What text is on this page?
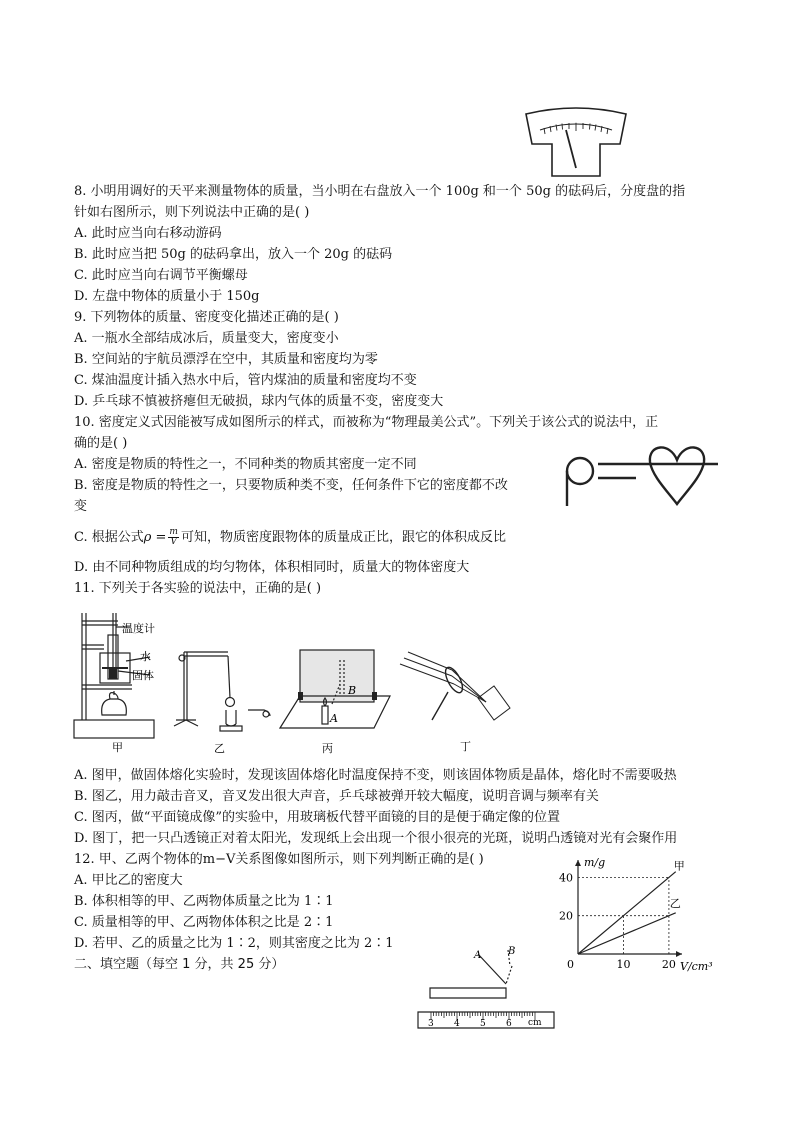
8. 小明用调好的天平来测量物体的质量，当小明在右盘放入一个 100g 和一个 50g 的砝码后，分度盘的指
针如右图所示，则下列说法中正确的是( )
A. 此时应当向右移动游码
B. 此时应当把 50g 的砝码拿出，放入一个 20g 的砝码
C. 此时应当向右调节平衡螺母
D. 左盘中物体的质量小于 150g
9. 下列物体的质量、密度变化描述正确的是( )
A. 一瓶水全部结成冰后，质量变大，密度变小
B. 空间站的宇航员漂浮在空中，其质量和密度均为零
C. 煤油温度计插入热水中后，管内煤油的质量和密度均不变
D. 乒乓球不慎被挤瘪但无破损，球内气体的质量不变，密度变大
10. 密度定义式因能被写成如图所示的样式，而被称为“物理最美公式”。下列关于该公式的说法中，正
确的是( )
A. 密度是物质的特性之一，不同种类的物质其密度一定不同
B. 密度是物质的特性之一，只要物质种类不变，任何条件下它的密度都不改
变
C. 根据公式$\rho = \frac{m}{V}$ 可知，物质密度跟物体的质量成正比，跟它的体积成反比
D. 由不同种物质组成的均匀物体，体积相同时，质量大的物体密度大
11. 下列关于各实验的说法中，正确的是( )
温度计
水
固体
甲	乙
B
A
丙	丁
A. 图甲，做固体熔化实验时，发现该固体熔化时温度保持不变，则该固体物质是晶体，熔化时不需要吸热
B. 图乙，用力敲击音叉，音叉发出很大声音，乒乓球被弹开较大幅度，说明音调与频率有关
C. 图丙，做“平面镜成像”的实验中，用玻璃板代替平面镜的目的是便于确定像的位置
D. 图丁，把一只凸透镜正对着太阳光，发现纸上会出现一个很小很亮的光斑，说明凸透镜对光有会聚作用
12. 甲、乙两个物体的m−V关系图像如图所示，则下列判断正确的是( )
A. 甲比乙的密度大
B. 体积相等的甲、乙两物体质量之比为 1∶1
C. 质量相等的甲、乙两物体体积之比是 2∶1
D. 若甲、乙的质量之比为 1∶2，则其密度之比为 2∶1
10	20
20
40
0
m/g
V/cm³
甲
乙
二、填空题（每空 1 分，共 25 分）
A	B
3 4 5 6 cm
